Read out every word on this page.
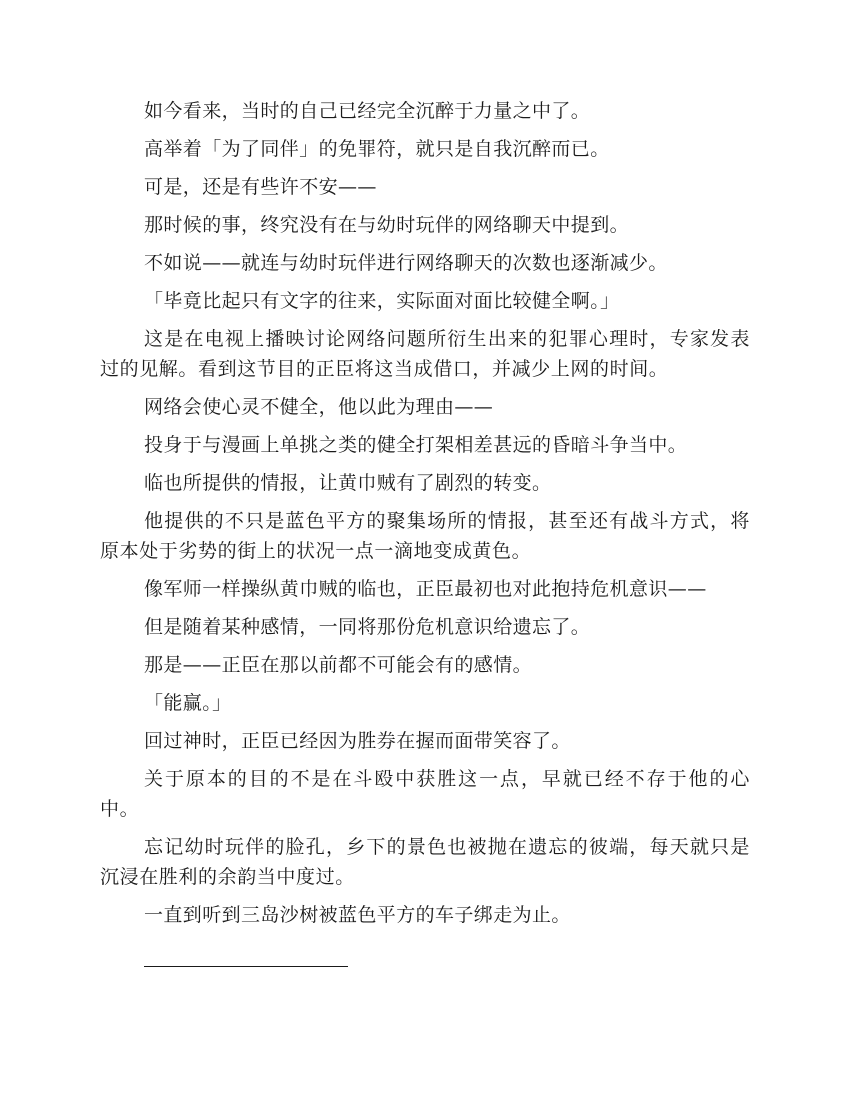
如今看来，当时的自己已经完全沉醉于力量之中了。

高举着「为了同伴」的免罪符，就只是自我沉醉而已。

可是，还是有些许不安——

那时候的事，终究没有在与幼时玩伴的网络聊天中提到。

不如说——就连与幼时玩伴进行网络聊天的次数也逐渐减少。

「毕竟比起只有文字的往来，实际面对面比较健全啊。」

这是在电视上播映讨论网络问题所衍生出来的犯罪心理时，专家发表过的见解。看到这节目的正臣将这当成借口，并减少上网的时间。

网络会使心灵不健全，他以此为理由——

投身于与漫画上单挑之类的健全打架相差甚远的昏暗斗争当中。

临也所提供的情报，让黄巾贼有了剧烈的转变。

他提供的不只是蓝色平方的聚集场所的情报，甚至还有战斗方式，将原本处于劣势的街上的状况一点一滴地变成黄色。

像军师一样操纵黄巾贼的临也，正臣最初也对此抱持危机意识——

但是随着某种感情，一同将那份危机意识给遗忘了。

那是——正臣在那以前都不可能会有的感情。

「能赢。」

回过神时，正臣已经因为胜券在握而面带笑容了。

关于原本的目的不是在斗殴中获胜这一点，早就已经不存于他的心中。

忘记幼时玩伴的脸孔，乡下的景色也被抛在遗忘的彼端，每天就只是沉浸在胜利的余韵当中度过。

一直到听到三岛沙树被蓝色平方的车子绑走为止。
